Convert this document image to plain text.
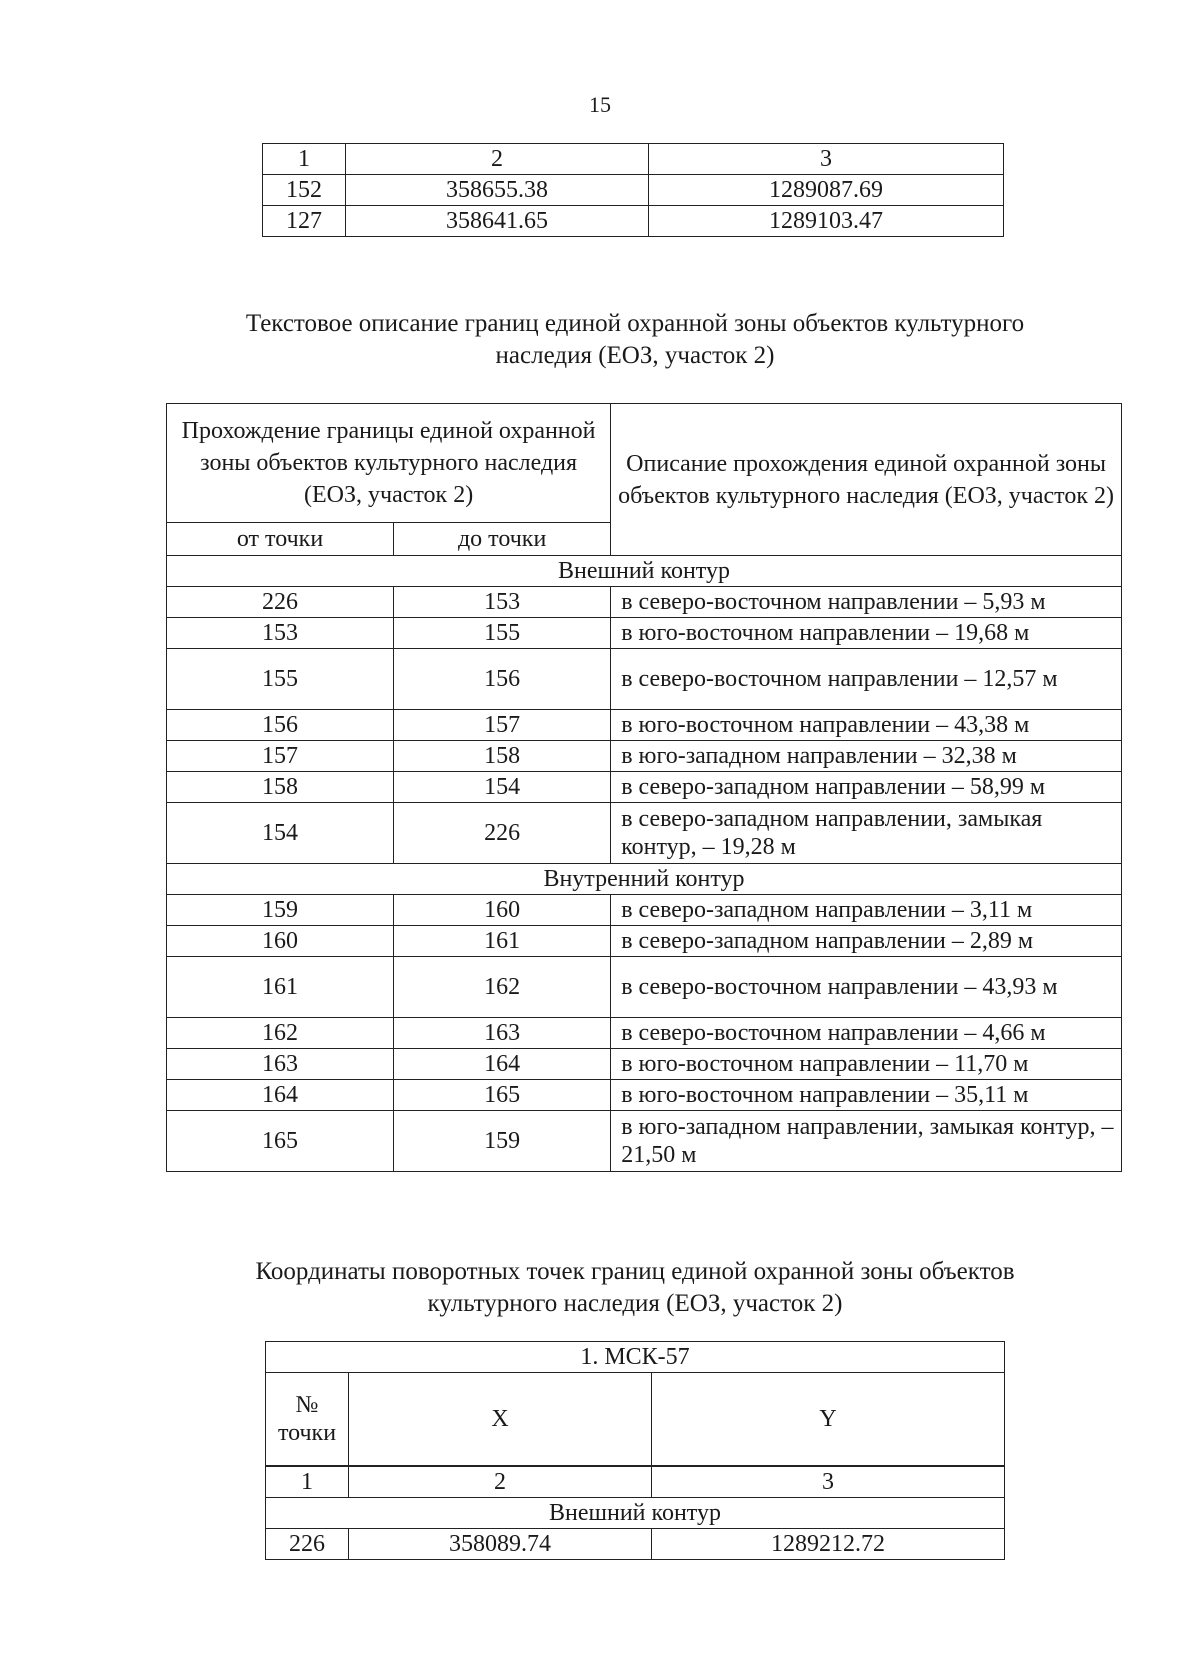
15
1	2	3
152	358655.38	1289087.69
127	358641.65	1289103.47
Текстовое описание границ единой охранной зоны объектов культурного
наследия (ЕОЗ, участок 2)
Прохождение границы единой охранной зоны объектов культурного наследия (ЕОЗ, участок 2)		Описание прохождения единой охранной зоны объектов культурного наследия (ЕОЗ, участок 2)
от точки	до точки	
Внешний контур		
226	153	в северо-восточном направлении – 5,93 м
153	155	в юго-восточном направлении – 19,68 м
155	156	в северо-восточном направлении – 12,57 м
156	157	в юго-восточном направлении – 43,38 м
157	158	в юго-западном направлении – 32,38 м
158	154	в северо-западном направлении – 58,99 м
154	226	в северо-западном направлении, замыкая контур, – 19,28 м
Внутренний контур		
159	160	в северо-западном направлении – 3,11 м
160	161	в северо-западном направлении – 2,89 м
161	162	в северо-восточном направлении – 43,93 м
162	163	в северо-восточном направлении – 4,66 м
163	164	в юго-восточном направлении – 11,70 м
164	165	в юго-восточном направлении – 35,11 м
165	159	в юго-западном направлении, замыкая контур, – 21,50 м
Координаты поворотных точек границ единой охранной зоны объектов
культурного наследия (ЕОЗ, участок 2)
1. МСК-57		

№
точки	X	Y

1	2	3
Внешний контур		
226	358089.74	1289212.72
